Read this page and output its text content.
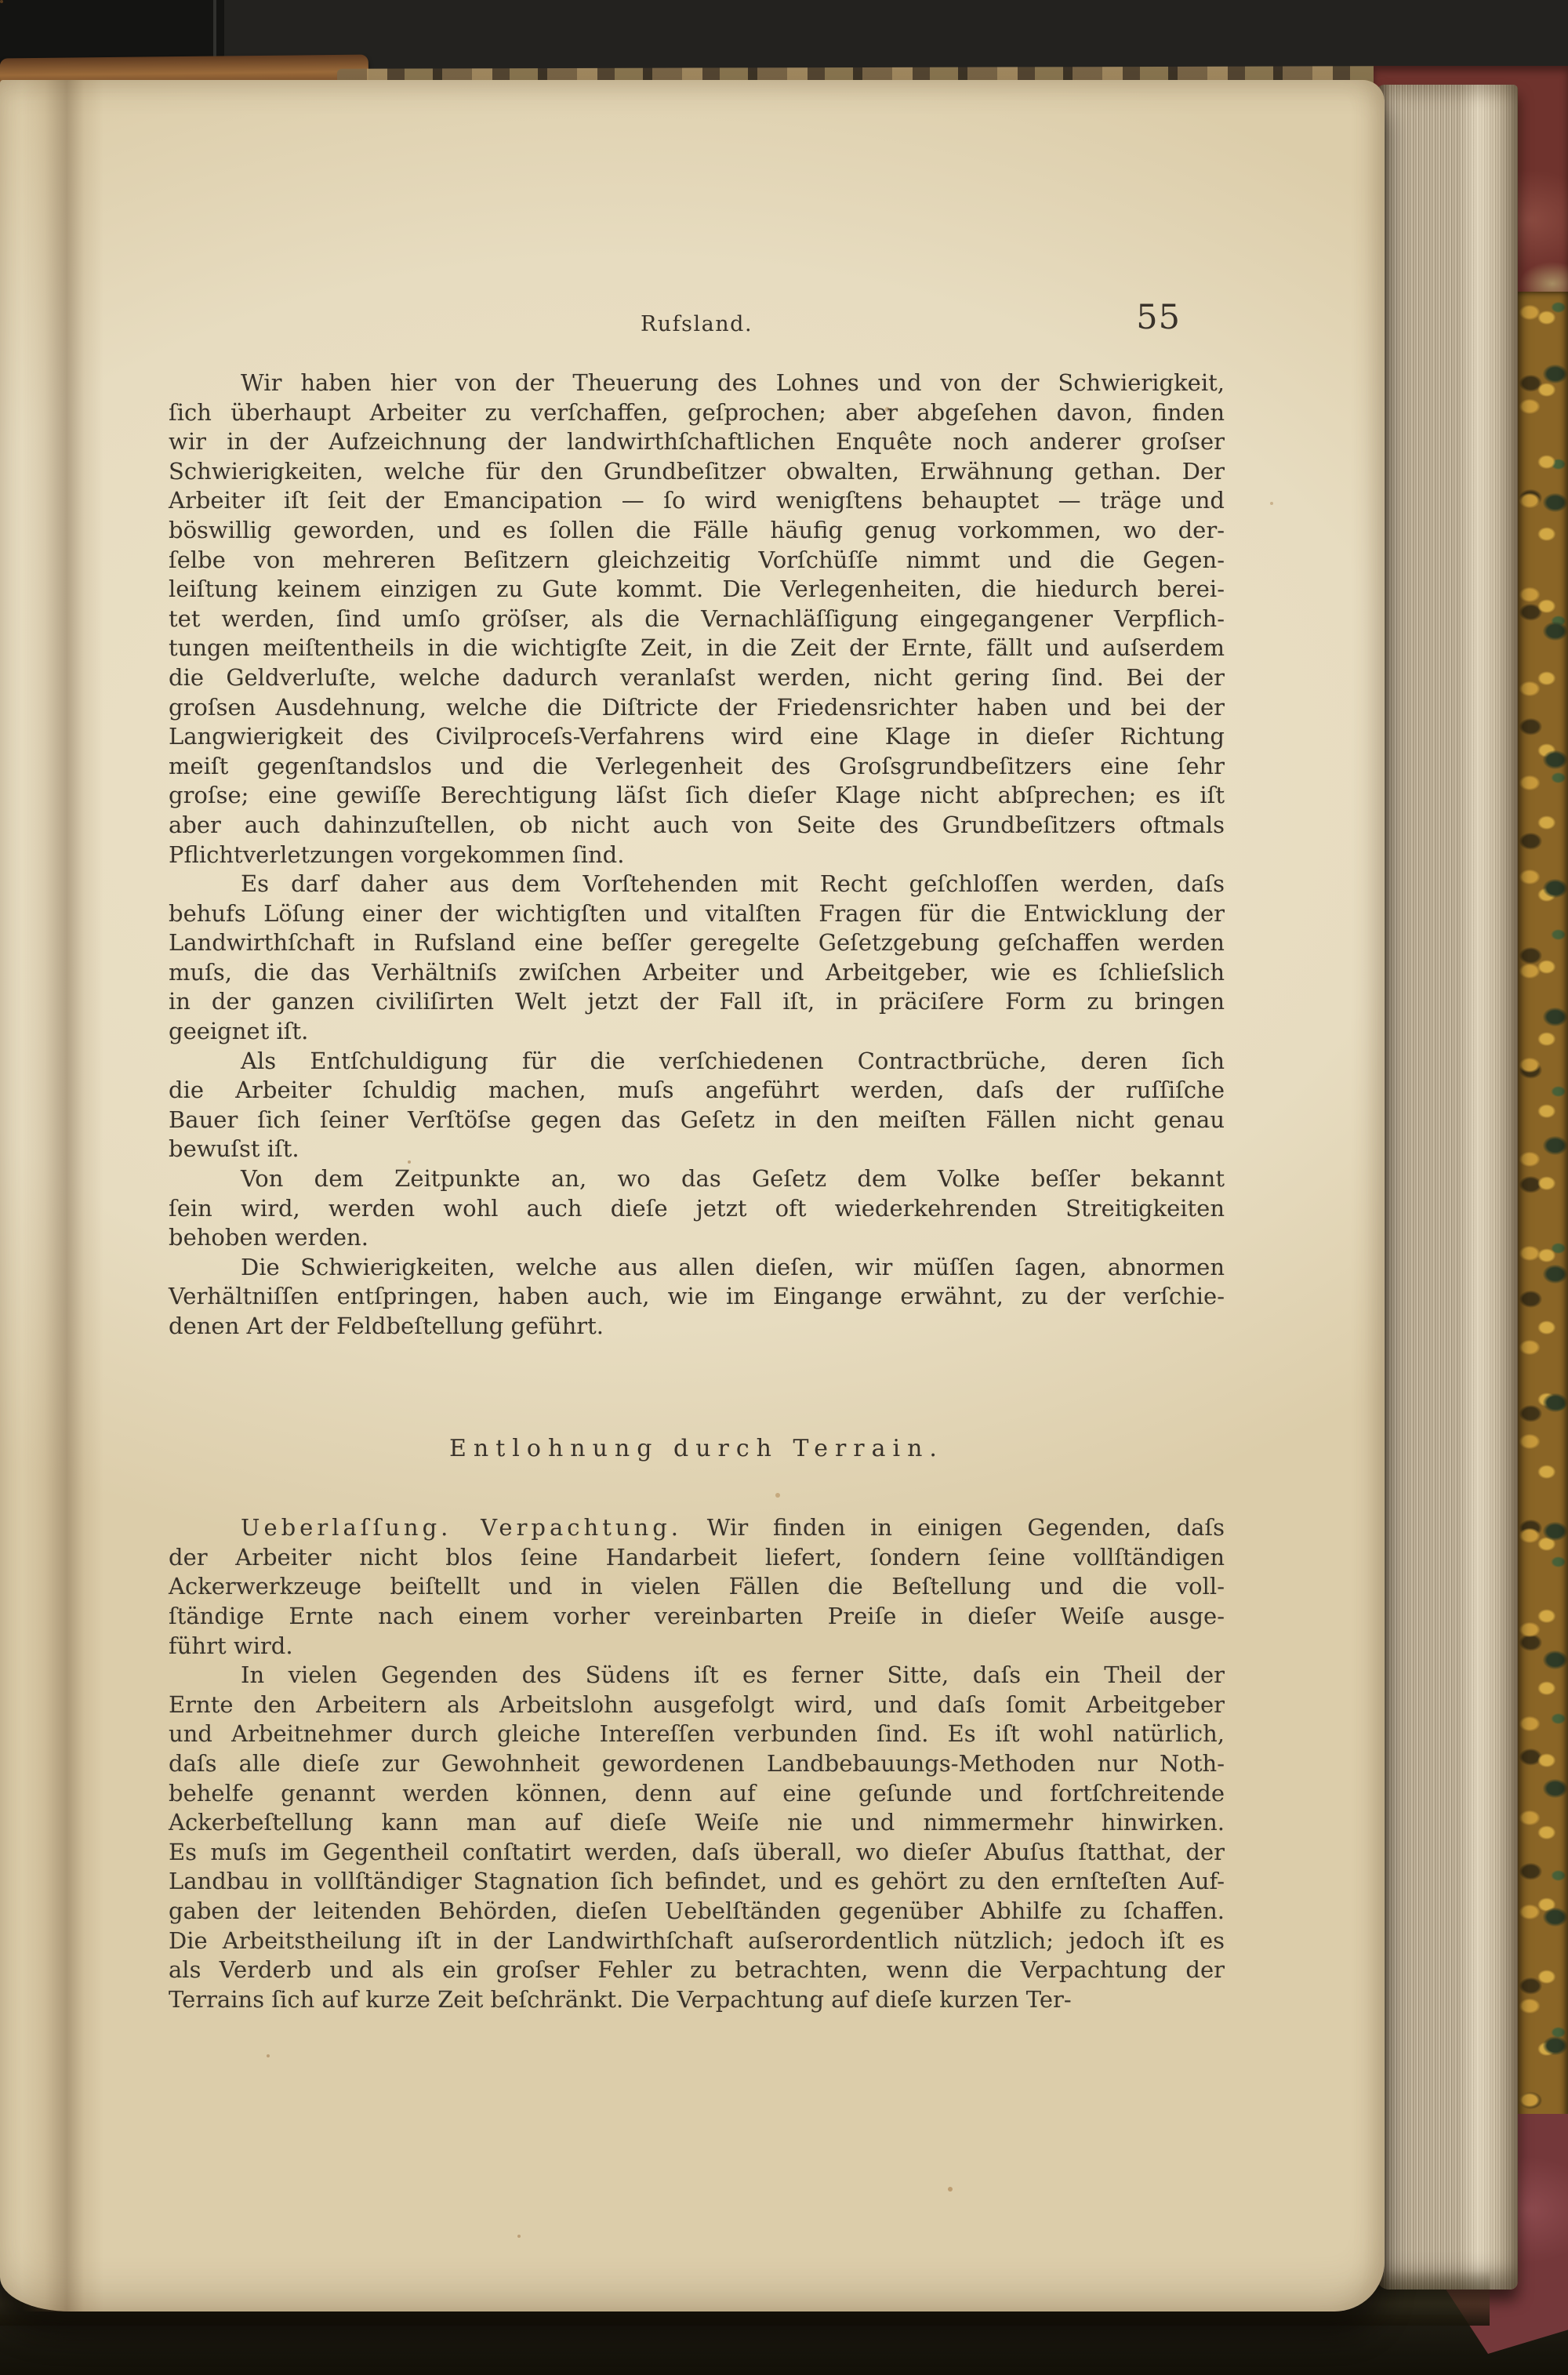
Rufsland.	55
Wir haben hier von der Theuerung des Lohnes und von der Schwierigkeit,
ſich überhaupt Arbeiter zu verſchaffen, geſprochen; aber abgeſehen davon, finden
wir in der Aufzeichnung der landwirthſchaftlichen Enquête noch anderer groſser
Schwierigkeiten, welche für den Grundbeſitzer obwalten, Erwähnung gethan. Der
Arbeiter iſt ſeit der Emancipation — ſo wird wenigſtens behauptet — träge und
böswillig geworden, und es ſollen die Fälle häufig genug vorkommen, wo der-
ſelbe von mehreren Beſitzern gleichzeitig Vorſchüſſe nimmt und die Gegen-
leiſtung keinem einzigen zu Gute kommt. Die Verlegenheiten, die hiedurch berei-
tet werden, ſind umſo gröſser, als die Vernachläſſigung eingegangener Verpflich-
tungen meiſtentheils in die wichtigſte Zeit, in die Zeit der Ernte, fällt und auſserdem
die Geldverluſte, welche dadurch veranlaſst werden, nicht gering ſind. Bei der
groſsen Ausdehnung, welche die Diſtricte der Friedensrichter haben und bei der
Langwierigkeit des Civilproceſs-Verfahrens wird eine Klage in dieſer Richtung
meiſt gegenſtandslos und die Verlegenheit des Groſsgrundbeſitzers eine ſehr
groſse; eine gewiſſe Berechtigung läſst ſich dieſer Klage nicht abſprechen; es iſt
aber auch dahinzuſtellen, ob nicht auch von Seite des Grundbeſitzers oftmals
Pflichtverletzungen vorgekommen ſind.
Es darf daher aus dem Vorſtehenden mit Recht geſchloſſen werden, daſs
behufs Löſung einer der wichtigſten und vitalſten Fragen für die Entwicklung der
Landwirthſchaft in Rufsland eine beſſer geregelte Geſetzgebung geſchaffen werden
muſs, die das Verhältniſs zwiſchen Arbeiter und Arbeitgeber, wie es ſchlieſslich
in der ganzen civiliſirten Welt jetzt der Fall iſt, in präciſere Form zu bringen
geeignet iſt.
Als Entſchuldigung für die verſchiedenen Contractbrüche, deren ſich
die Arbeiter ſchuldig machen, muſs angeführt werden, daſs der ruſſiſche
Bauer ſich ſeiner Verſtöſse gegen das Geſetz in den meiſten Fällen nicht genau
bewuſst iſt.
Von dem Zeitpunkte an, wo das Geſetz dem Volke beſſer bekannt
ſein wird, werden wohl auch dieſe jetzt oft wiederkehrenden Streitigkeiten
behoben werden.
Die Schwierigkeiten, welche aus allen dieſen, wir müſſen ſagen, abnormen
Verhältniſſen entſpringen, haben auch, wie im Eingange erwähnt, zu der verſchie-
denen Art der Feldbeſtellung geführt.
Entlohnung durch Terrain.
Ueberlaſſung. Verpachtung. Wir finden in einigen Gegenden, daſs
der Arbeiter nicht blos ſeine Handarbeit liefert, ſondern ſeine vollſtändigen
Ackerwerkzeuge beiſtellt und in vielen Fällen die Beſtellung und die voll-
ſtändige Ernte nach einem vorher vereinbarten Preiſe in dieſer Weiſe ausge-
führt wird.
In vielen Gegenden des Südens iſt es ferner Sitte, daſs ein Theil der
Ernte den Arbeitern als Arbeitslohn ausgefolgt wird, und daſs ſomit Arbeitgeber
und Arbeitnehmer durch gleiche Intereſſen verbunden ſind. Es iſt wohl natürlich,
daſs alle dieſe zur Gewohnheit gewordenen Landbebauungs-Methoden nur Noth-
behelfe genannt werden können, denn auf eine geſunde und fortſchreitende
Ackerbeſtellung kann man auf dieſe Weiſe nie und nimmermehr hinwirken.
Es muſs im Gegentheil conſtatirt werden, daſs überall, wo dieſer Abuſus ſtatthat, der
Landbau in vollſtändiger Stagnation ſich befindet, und es gehört zu den ernſteſten Auf-
gaben der leitenden Behörden, dieſen Uebelſtänden gegenüber Abhilfe zu ſchaffen.
Die Arbeitstheilung iſt in der Landwirthſchaft auſserordentlich nützlich; jedoch iſt es
als Verderb und als ein groſser Fehler zu betrachten, wenn die Verpachtung der
Terrains ſich auf kurze Zeit beſchränkt. Die Verpachtung auf dieſe kurzen Ter-
